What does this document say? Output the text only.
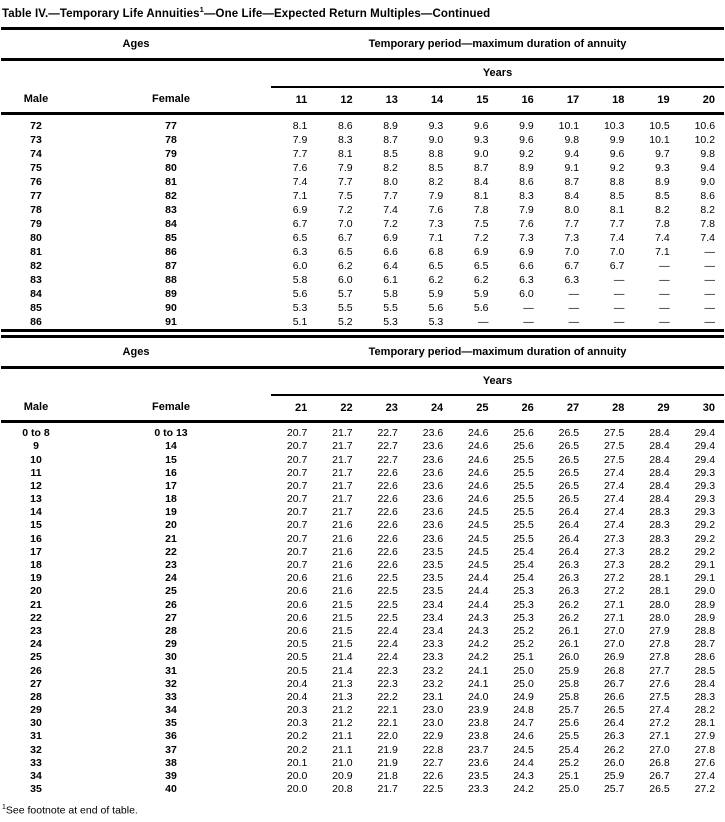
Table IV.—Temporary Life Annuities$^1$—One Life—Expected Return Multiples—Continued

Ages		Temporary period—maximum duration of annuity									
		Years									
Male	Female	11	12	13	14	15	16	17	18	19	20
72	77	8.1	8.6	8.9	9.3	9.6	9.9	10.1	10.3	10.5	10.6
73	78	7.9	8.3	8.7	9.0	9.3	9.6	9.8	9.9	10.1	10.2
74	79	7.7	8.1	8.5	8.8	9.0	9.2	9.4	9.6	9.7	9.8
75	80	7.6	7.9	8.2	8.5	8.7	8.9	9.1	9.2	9.3	9.4
76	81	7.4	7.7	8.0	8.2	8.4	8.6	8.7	8.8	8.9	9.0
77	82	7.1	7.5	7.7	7.9	8.1	8.3	8.4	8.5	8.5	8.6
78	83	6.9	7.2	7.4	7.6	7.8	7.9	8.0	8.1	8.2	8.2
79	84	6.7	7.0	7.2	7.3	7.5	7.6	7.7	7.7	7.8	7.8
80	85	6.5	6.7	6.9	7.1	7.2	7.3	7.3	7.4	7.4	7.4
81	86	6.3	6.5	6.6	6.8	6.9	6.9	7.0	7.0	7.1	—
82	87	6.0	6.2	6.4	6.5	6.5	6.6	6.7	6.7	—	—
83	88	5.8	6.0	6.1	6.2	6.2	6.3	6.3	—	—	—
84	89	5.6	5.7	5.8	5.9	5.9	6.0	—	—	—	—
85	90	5.3	5.5	5.5	5.6	5.6	—	—	—	—	—
86	91	5.1	5.2	5.3	5.3	—	—	—	—	—	—
Ages		Temporary period—maximum duration of annuity									
		Years									
Male	Female	21	22	23	24	25	26	27	28	29	30
0 to 8	0 to 13	20.7	21.7	22.7	23.6	24.6	25.6	26.5	27.5	28.4	29.4
9	14	20.7	21.7	22.7	23.6	24.6	25.6	26.5	27.5	28.4	29.4
10	15	20.7	21.7	22.7	23.6	24.6	25.5	26.5	27.5	28.4	29.4
11	16	20.7	21.7	22.6	23.6	24.6	25.5	26.5	27.4	28.4	29.3
12	17	20.7	21.7	22.6	23.6	24.6	25.5	26.5	27.4	28.4	29.3
13	18	20.7	21.7	22.6	23.6	24.6	25.5	26.5	27.4	28.4	29.3
14	19	20.7	21.7	22.6	23.6	24.5	25.5	26.4	27.4	28.3	29.3
15	20	20.7	21.6	22.6	23.6	24.5	25.5	26.4	27.4	28.3	29.2
16	21	20.7	21.6	22.6	23.6	24.5	25.5	26.4	27.3	28.3	29.2
17	22	20.7	21.6	22.6	23.5	24.5	25.4	26.4	27.3	28.2	29.2
18	23	20.7	21.6	22.6	23.5	24.5	25.4	26.3	27.3	28.2	29.1
19	24	20.6	21.6	22.5	23.5	24.4	25.4	26.3	27.2	28.1	29.1
20	25	20.6	21.6	22.5	23.5	24.4	25.3	26.3	27.2	28.1	29.0
21	26	20.6	21.5	22.5	23.4	24.4	25.3	26.2	27.1	28.0	28.9
22	27	20.6	21.5	22.5	23.4	24.3	25.3	26.2	27.1	28.0	28.9
23	28	20.6	21.5	22.4	23.4	24.3	25.2	26.1	27.0	27.9	28.8
24	29	20.5	21.5	22.4	23.3	24.2	25.2	26.1	27.0	27.8	28.7
25	30	20.5	21.4	22.4	23.3	24.2	25.1	26.0	26.9	27.8	28.6
26	31	20.5	21.4	22.3	23.2	24.1	25.0	25.9	26.8	27.7	28.5
27	32	20.4	21.3	22.3	23.2	24.1	25.0	25.8	26.7	27.6	28.4
28	33	20.4	21.3	22.2	23.1	24.0	24.9	25.8	26.6	27.5	28.3
29	34	20.3	21.2	22.1	23.0	23.9	24.8	25.7	26.5	27.4	28.2
30	35	20.3	21.2	22.1	23.0	23.8	24.7	25.6	26.4	27.2	28.1
31	36	20.2	21.1	22.0	22.9	23.8	24.6	25.5	26.3	27.1	27.9
32	37	20.2	21.1	21.9	22.8	23.7	24.5	25.4	26.2	27.0	27.8
33	38	20.1	21.0	21.9	22.7	23.6	24.4	25.2	26.0	26.8	27.6
34	39	20.0	20.9	21.8	22.6	23.5	24.3	25.1	25.9	26.7	27.4
35	40	20.0	20.8	21.7	22.5	23.3	24.2	25.0	25.7	26.5	27.2

$^1$See footnote at end of table.
